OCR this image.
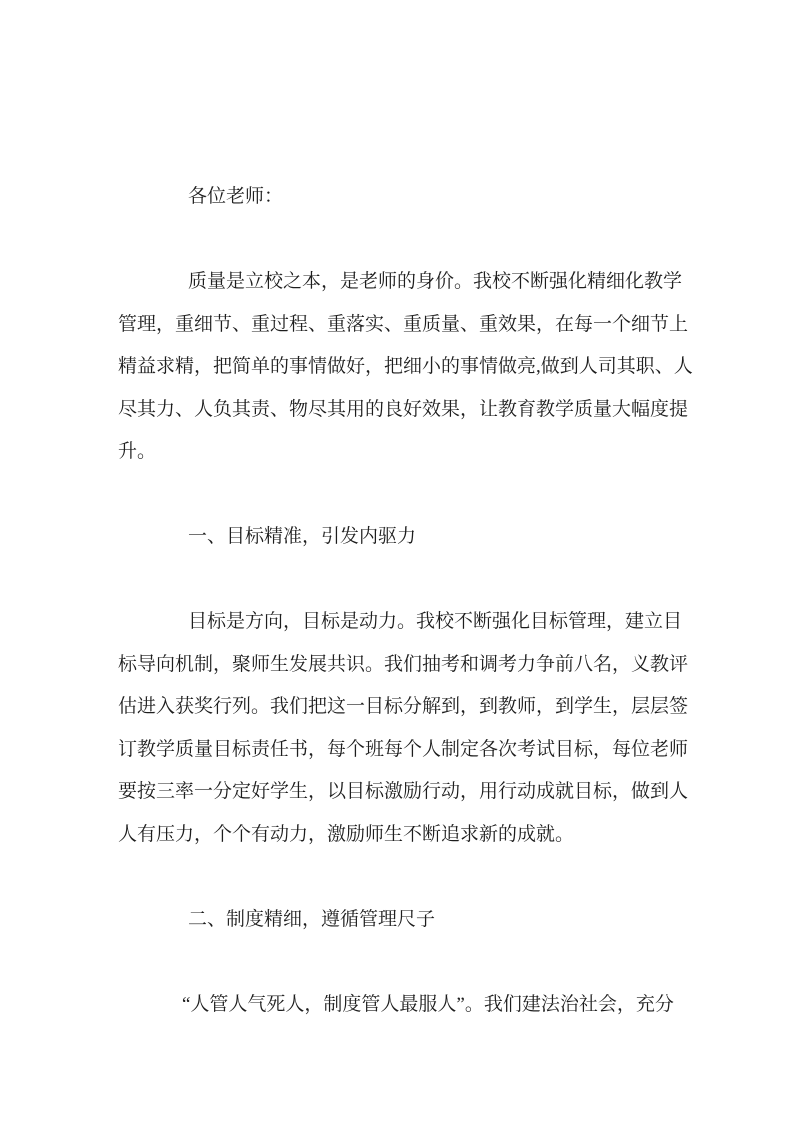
各位老师：
质量是立校之本，是老师的身价。我校不断强化精细化教学
管理，重细节、重过程、重落实、重质量、重效果，在每一个细节上
精益求精，把简单的事情做好，把细小的事情做亮,做到人司其职、人
尽其力、人负其责、物尽其用的良好效果，让教育教学质量大幅度提
升。
一、目标精准，引发内驱力
目标是方向，目标是动力。我校不断强化目标管理，建立目
标导向机制，聚师生发展共识。我们抽考和调考力争前八名，义教评
估进入获奖行列。我们把这一目标分解到，到教师，到学生，层层签
订教学质量目标责任书，每个班每个人制定各次考试目标，每位老师
要按三率一分定好学生，以目标激励行动，用行动成就目标，做到人
人有压力，个个有动力，激励师生不断追求新的成就。
二、制度精细，遵循管理尺子
“人管人气死人，制度管人最服人”。我们建法治社会，充分
